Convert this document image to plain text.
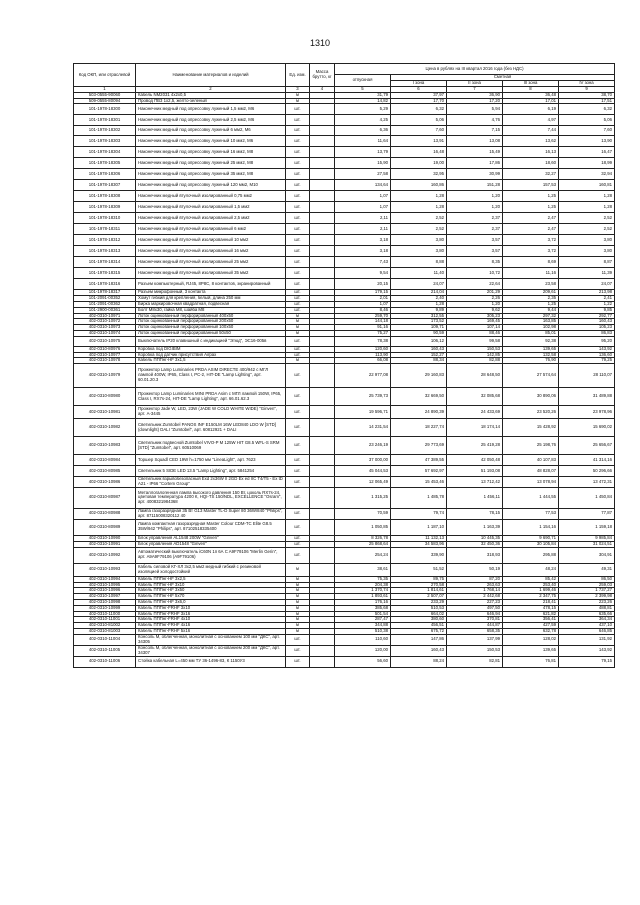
1310
Код ОКП, или отраслевой	Наименование материалов и изделий	Ед. изм.	Масса брутто, кг	Цена в рублях на III квартал 2016 года (без НДС)				
				отпускная	Сметная			
					I зона	II зона	III зона	IV зона
1	2	3	4	5	6	7	8	9
503-0555-90060	Кабель NM2031 4x2x0,5	м		31,79	37,97	36,90	36,48	38,70
509-0555-80094	Провод ПВ3 1x2,5, желто-зеленый	м		14,82	17,70	17,20	17,01	17,51
101-1978-18300	Наконечник медный под опрессовку луженый 1,5 мм2, М6	шт.		5,29	6,32	5,94	6,19	6,32
101-1978-18301	Наконечник медный под опрессовку луженый 2,5 мм2, М6	шт.		4,25	5,06	4,76	4,97	5,06
101-1978-18302	Наконечник медный под опрессовку луженый 6 мм2, М6	шт.		6,36	7,60	7,15	7,44	7,60
101-1978-18303	Наконечник медный под опрессовку луженый 10 мм2, М6	шт.		11,64	13,91	13,08	13,62	13,90
101-1978-18304	Наконечник медный под опрессовку луженый 16 мм2, М8	шт.		13,79	16,48	15,49	16,13	16,47
101-1978-18305	Наконечник медный под опрессовку луженый 25 мм2, М8	шт.		15,90	19,00	17,86	18,60	18,99
101-1978-18306	Наконечник медный под опрессовку луженый 35 мм2, М8	шт.		27,58	32,95	30,99	32,27	32,94
101-1978-18307	Наконечник медный под опрессовку луженый 120 мм2, М10	шт.		134,64	160,86	151,28	157,53	160,81
101-1978-18308	Наконечник медный втулочный изолированный 0,75 мм2	шт.		1,07	1,28	1,20	1,25	1,28
101-1978-18309	Наконечник медный втулочный изолированный 1,5 мм2	шт.		1,07	1,28	1,20	1,25	1,28
101-1978-18310	Наконечник медный втулочный изолированный 2,5 мм2	шт.		2,11	2,52	2,37	2,47	2,52
101-1978-18311	Наконечник медный втулочный изолированный 6 мм2	шт.		2,11	2,52	2,37	2,47	2,52
101-1978-18312	Наконечник медный втулочный изолированный 10 мм2	шт.		3,18	3,80	3,57	3,72	3,80
101-1978-18313	Наконечник медный втулочный изолированный 16 мм2	шт.		3,18	3,80	3,57	3,72	3,80
101-1978-18314	Наконечник медный втулочный изолированный 25 мм2	шт.		7,43	8,88	8,35	8,69	8,87
101-1978-18315	Наконечник медный втулочный изолированный 35 мм2	шт.		9,54	11,40	10,72	11,16	11,39
101-1978-18316	Разъем компьютерный, RJ45, 8P8C, 8 контактов, экранированный	шт.		20,15	24,07	22,64	23,58	24,07
101-1978-18317	Разъем микрофонный, 3 контакта	шт.		179,15	214,04	201,29	209,61	213,98
101-2091-00352	Хомут гибкий для крепления, белый, длина 250 мм	шт.		2,01	2,40	2,26	2,35	2,41
101-2091-00362	Бирка маркировочная квадратная, подвесная	шт.		1,07	1,28	1,20	1,25	1,22
101-2900-00361	Болт М8x30, гайка М8, шайба М8	шт.		8,46	9,89	9,62	9,44	9,85
402-0310-10971	Лоток оцинкованный перфорированный 400x50	м		259,70	312,55	305,23	297,32	292,77
402-0310-10972	Лоток оцинкованный перфорированный 200x50	м		144,18	173,52	169,45	163,85	160,43
402-0310-10973	Лоток оцинкованный перфорированный 100x50	м		91,16	109,71	107,14	102,98	105,23
402-0310-10974	Лоток оцинкованный перфорированный 50x50	м		75,27	90,59	88,46	85,01	86,83
402-0310-10975	Выключатель IP20 клавишный с индикацией "Этюд", ЭС16-005в	шт.		78,38	106,12	99,58	92,38	95,20
402-0310-80976	Коробка под DIGIBIM	шт.		120,60	160,43	150,53	139,65	143,92
402-0310-10977	Коробка под датчик присутствия Airpax	шт.		113,90	152,27	142,85	132,58	136,60
402-0310-10978	Кабель ПППнг-HF 3x1,5	м		66,08	88,34	82,88	76,90	79,25
402-0310-10979	Прожектор Lamp Luminaries PRDA ASIM DIRECTE 400/942 с МГЛ лампой 400W, IP65, Class I, PC-2, HIT-DE "Lamp Lighting", арт. 60.01.20.3	шт.		22 977,08	29 160,83	28 648,50	27 574,64	28 110,07
402-0310-80980	Прожектор Lamp Luminaries MINI PRDA Asim с МГЛ лампой 150W, IP65, Class I, RX7s-24, HIT-DE "Lamp Lighting", арт. 66.01.62.3	шт.		25 739,73	32 669,50	32 085,68	30 890,06	31 489,88
402-0310-10981	Прожектор Jade W, LED, 23W (JADE W COLD WHITE WIDE) "Ginven", арт. А-3445	шт.		19 596,71	24 890,39	24 433,69	23 520,26	23 978,96
402-0310-10982	Светильник Zumtobel PANOS INF E150LM 16W LED840 LDO W [STD] (downlight) DALI "Zumtobel", арт. 60812921 + DALI	шт.		14 231,54	18 227,74	18 174,14	15 428,92	15 690,02
402-0310-10983	Светильник подвесной Zumtobel VIVO-P M 125W HIT G8.5 WFL-S SRM [STD] "Zumtobel", арт. 60510069	шт.		23 246,19	29 773,69	25 419,28	25 198,76	25 656,67
402-0310-80984	Торшер Squadl CED 19W h=1750 мм "LineaLight", арт. 7623	шт.		37 000,00	47 389,55	42 050,48	40 107,83	41 314,16
402-0310-80985	Светильник 5 SIDE LED 13.5 "Lamp Lighting", арт. 5841254	шт.		45 044,53	57 692,97	51 193,08	48 828,07	50 296,66
402-0310-10986	Светильник взрывобезопасный Exd 2x36W II 2GD Ex ed IIC T4/T5 - Ex tD A21 - IP66 "Cortem Group"	шт.		12 065,49	15 453,46	13 712,42	13 078,94	13 472,31
402-0310-80987	Металлогалогенная лампа высокого давления 150 Вт, цоколь RX7s-24, цветовая температура 4200 К, HQI-TS 150/NDL, EXCELLENCE "Osram", арт. 4008321984368	шт.		1 315,25	1 485,78	1 456,11	1 444,55	1 450,84
402-0310-80988	Лампа газоразрядная 35 Вт G13 Master TL-D Super 80 36W/840 "Philips", арт. 87115008320112 40	шт.		70,59	79,74	78,15	77,53	77,87
402-0310-80989	Лампа компактная газоразрядная Master Colour CDM-TC Elite G8.5 35W/942 "Philips", арт. 87102518335400	шт.		1 050,85	1 187,10	1 163,39	1 154,16	1 159,18
402-0310-10990	Блок управления AL1548 200W "Ginven"	шт.		8 326,78	11 132,13	10 445,35	9 690,71	9 985,84
402-0310-10991	Блок управления AD1548 "Ginven"	шт.		25 868,64	34 583,96	32 450,36	30 105,84	31 024,51
402-0310-10992	Автоматический выключатель iC60N 1п 6А C A9F79106 "Merlin Gerin", арт. A9A9F79106 (A9F79106)	шт.		254,24	339,90	318,93	295,88	304,91
402-0310-10993	Кабель силовой КГ-ХЛ 3x2,5 мм2 медный гибкий с резиновой изоляцией холодостойкий	м		38,61	51,52	50,19	48,24	49,31
402-0310-10994	Кабель ПППнг-HF 3x2,5	м		75,35	89,75	87,20	85,42	86,50
402-0310-10995	Кабель ПППнг-HF 3x10	м		204,38	270,58	263,63	253,40	259,03
402-0310-10996	Кабель ПППнг-HF 3x50	м		1 370,74	1 814,61	1 768,14	1 699,46	1 737,27
402-0310-10997	Кабель ПППнг-HF 5x70	м		1 893,61	2 507,07	2 442,68	2 347,75	2 399,98
402-0310-10998	Кабель ПППнг-HF 3x6,0	м		176,16	233,29	227,23	218,41	223,26
402-0310-10999	Кабель ПППнг-FRHF 3x10	м		385,68	510,53	497,50	478,15	488,81
402-0310-11000	Кабель ПППнг-FRHF 3x16	м		501,54	664,02	646,94	621,82	635,66
402-0310-11001	Кабель ПППнг-FRHF 4x10	м		287,47	380,60	370,81	356,41	364,34
402-0310-81002	Кабель ПППнг-FRHF 4x16	м		344,88	456,51	444,87	427,59	437,10
402-0310-81003	Кабель ПППнг-FRHF 5x16	м		510,38	675,72	658,35	632,78	646,85
402-0310-11004	Консоль М, облегченная, монолитная с основанием 100 мм "ДКС", арт. 34305	шт.		110,60	147,86	137,99	128,02	131,92
402-0310-11005	Консоль М, облегченная, монолитная с основанием 200 мм "ДКС", арт. 34307	шт.		120,00	160,43	150,53	139,65	143,92
402-0310-11006	Стойка кабельная L=450 мм ТУ 36-1496-83, К 1150У3	шт.		56,60	88,24	82,81	76,81	79,15
